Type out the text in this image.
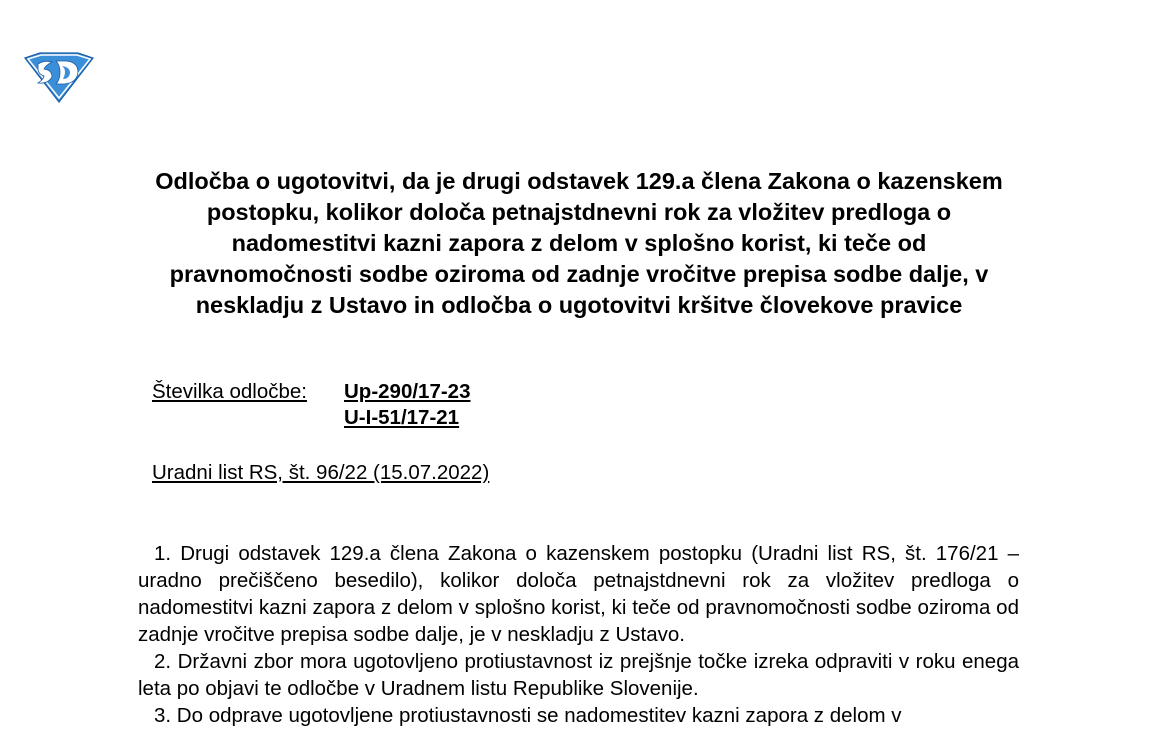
Odločba o ugotovitvi, da je drugi odstavek 129.a člena Zakona o kazenskem postopku, kolikor določa petnajstdnevni rok za vložitev predloga o nadomestitvi kazni zapora z delom v splošno korist, ki teče od pravnomočnosti sodbe oziroma od zadnje vročitve prepisa sodbe dalje, v neskladju z Ustavo in odločba o ugotovitvi kršitve človekove pravice
Številka odločbe: Up-290/17-23
U-I-51/17-21
Uradni list RS, št. 96/22 (15.07.2022)

1. Drugi odstavek 129.a člena Zakona o kazenskem postopku (Uradni list RS, št. 176/21 – uradno prečiščeno besedilo), kolikor določa petnajstdnevni rok za vložitev predloga o nadomestitvi kazni zapora z delom v splošno korist, ki teče od pravnomočnosti sodbe oziroma od zadnje vročitve prepisa sodbe dalje, je v neskladju z Ustavo.

2. Državni zbor mora ugotovljeno protiustavnost iz prejšnje točke izreka odpraviti v roku enega leta po objavi te odločbe v Uradnem listu Republike Slovenije.

3. Do odprave ugotovljene protiustavnosti se nadomestitev kazni zapora z delom v
